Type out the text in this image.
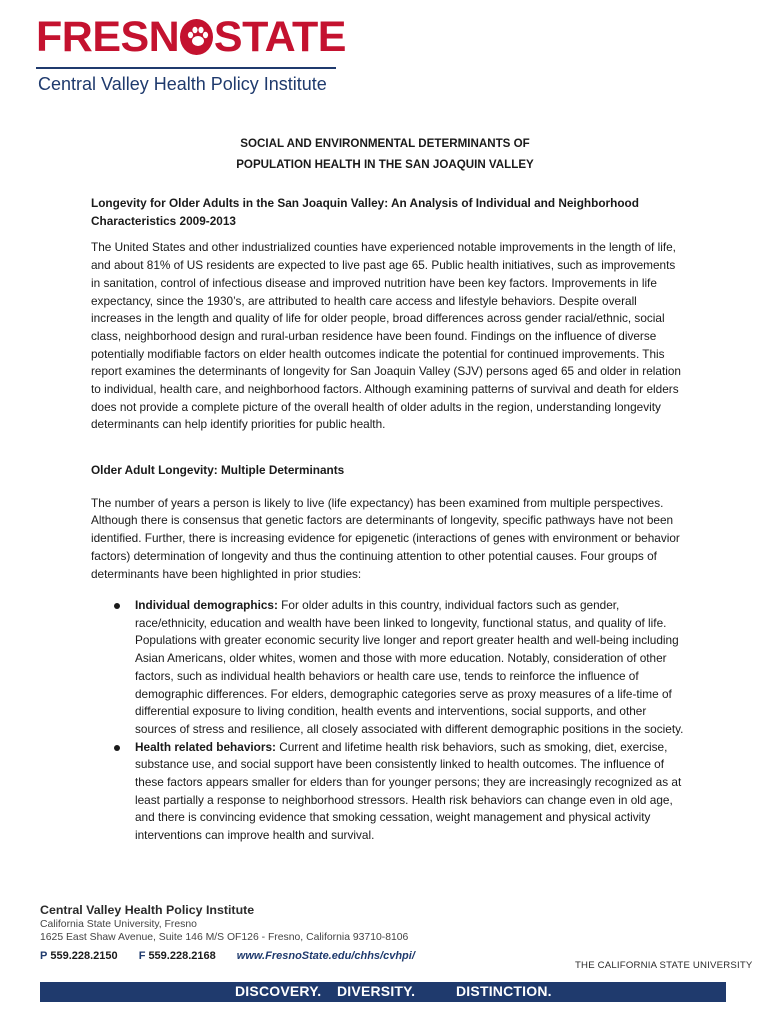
FRESN STATE
Central Valley Health Policy Institute
SOCIAL AND ENVIRONMENTAL DETERMINANTS OF
POPULATION HEALTH IN THE SAN JOAQUIN VALLEY

Longevity for Older Adults in the San Joaquin Valley: An Analysis of Individual and Neighborhood Characteristics 2009-2013

The United States and other industrialized counties have experienced notable improvements in the length of life, and about 81% of US residents are expected to live past age 65. Public health initiatives, such as improvements in sanitation, control of infectious disease and improved nutrition have been key factors. Improvements in life expectancy, since the 1930’s, are attributed to health care access and lifestyle behaviors. Despite overall increases in the length and quality of life for older people, broad differences across gender racial/ethnic, social class, neighborhood design and rural-urban residence have been found. Findings on the influence of diverse potentially modifiable factors on elder health outcomes indicate the potential for continued improvements. This report examines the determinants of longevity for San Joaquin Valley (SJV) persons aged 65 and older in relation to individual, health care, and neighborhood factors. Although examining patterns of survival and death for elders does not provide a complete picture of the overall health of older adults in the region, understanding longevity determinants can help identify priorities for public health.

Older Adult Longevity: Multiple Determinants

The number of years a person is likely to live (life expectancy) has been examined from multiple perspectives. Although there is consensus that genetic factors are determinants of longevity, specific pathways have not been identified. Further, there is increasing evidence for epigenetic (interactions of genes with environment or behavior factors) determination of longevity and thus the continuing attention to other potential causes. Four groups of determinants have been highlighted in prior studies:

Individual demographics: For older adults in this country, individual factors such as gender, race/ethnicity, education and wealth have been linked to longevity, functional status, and quality of life. Populations with greater economic security live longer and report greater health and well-being including Asian Americans, older whites, women and those with more education. Notably, consideration of other factors, such as individual health behaviors or health care use, tends to reinforce the influence of demographic differences. For elders, demographic categories serve as proxy measures of a life-time of differential exposure to living condition, health events and interventions, social supports, and other sources of stress and resilience, all closely associated with different demographic positions in the society.

Health related behaviors: Current and lifetime health risk behaviors, such as smoking, diet, exercise, substance use, and social support have been consistently linked to health outcomes. The influence of these factors appears smaller for elders than for younger persons; they are increasingly recognized as at least partially a response to neighborhood stressors. Health risk behaviors can change even in old age, and there is convincing evidence that smoking cessation, weight management and physical activity interventions can improve health and survival.

Central Valley Health Policy Institute
California State University, Fresno
1625 East Shaw Avenue, Suite 146 M/S OF126 - Fresno, California 93710-8106
P 559.228.2150 F 559.228.2168 www.FresnoState.edu/chhs/cvhpi/
THE CALIFORNIA STATE UNIVERSITY
DISCOVERY. DIVERSITY.	DISTINCTION.
